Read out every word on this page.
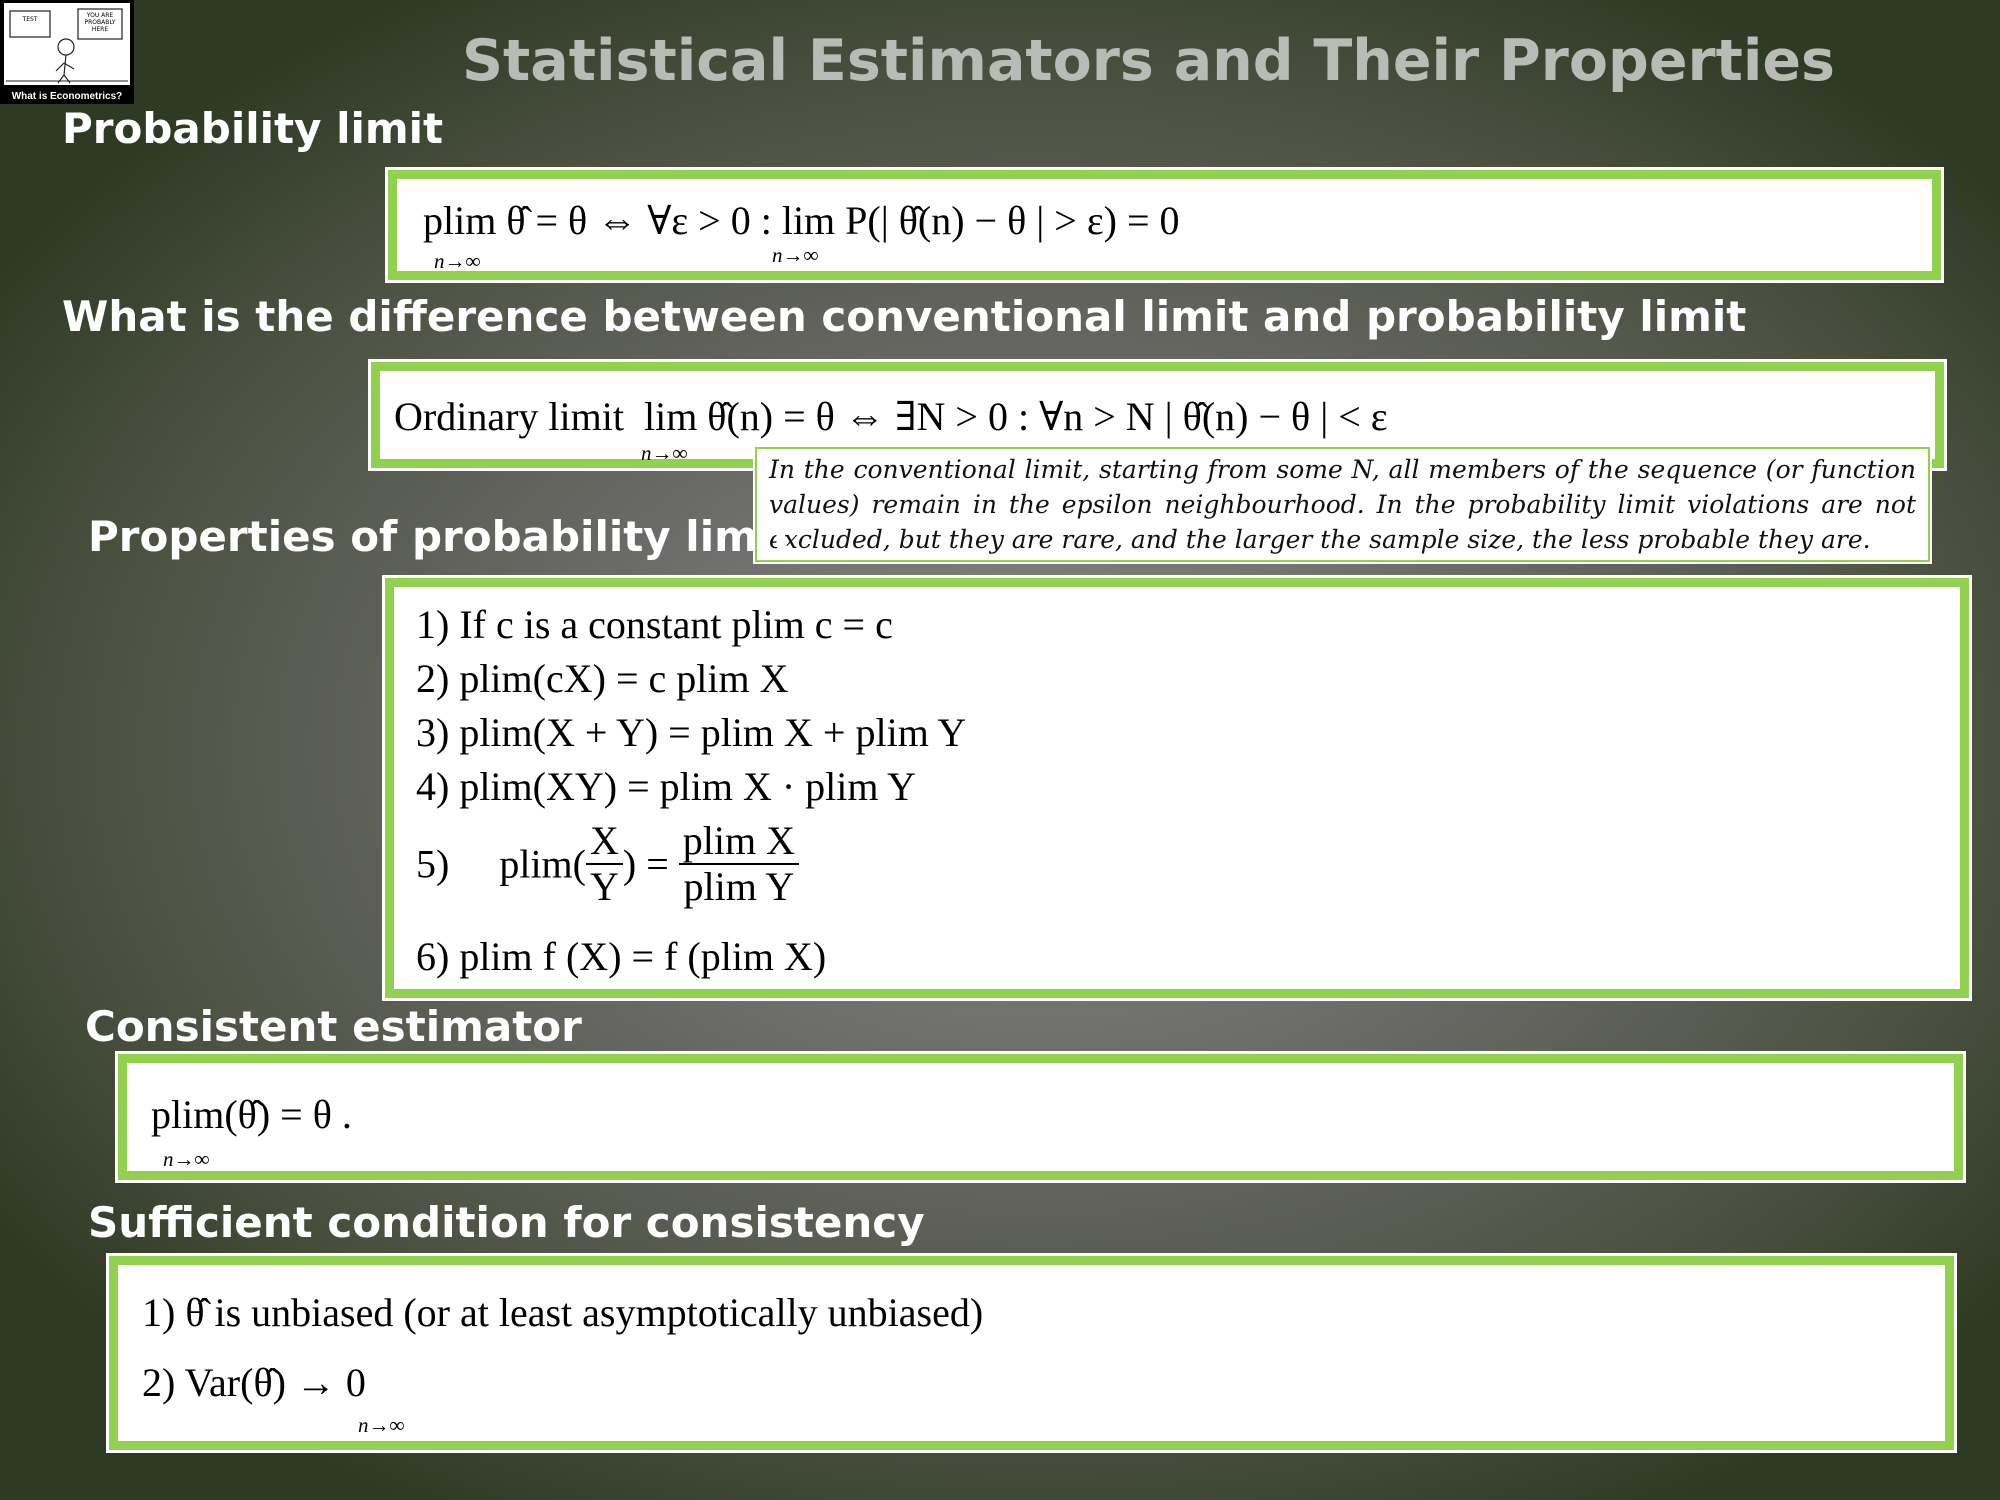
TEST
YOU ARE
PROBABLY
HERE
What is Econometrics?
Statistical Estimators and Their Properties
Probability limit
plim θ̂ = θ ⇔ ∀ε > 0 : lim P(| θ̂(n) − θ | > ε) = 0
n→∞	n→∞
What is the difference between conventional limit and probability limit
Ordinary limit lim θ̂(n) = θ ⇔ ∃N > 0 : ∀n > N | θ̂(n) − θ | < ε
n→∞
In the conventional limit, starting from some N, all members of the sequence (or function values) remain in the epsilon neighbourhood. In the probability limit violations are not excluded, but they are rare, and the larger the sample size, the less probable they are.
Properties of probability limit
1) If c is a constant plim c = c
2) plim(cX) = c plim X
3) plim(X + Y) = plim X + plim Y
4) plim(XY) = plim X · plim Y
5) $plim( \frac{X}{Y}$ ) = $\frac{\text{plim X}}{\text{plim Y}}$
6) plim f (X) = f (plim X)
Consistent estimator
plim(θ̂) = θ .
n→∞
Sufficient condition for consistency
1) θ̂ is unbiased (or at least asymptotically unbiased)
2) Var(θ̂) → 0
n→∞
